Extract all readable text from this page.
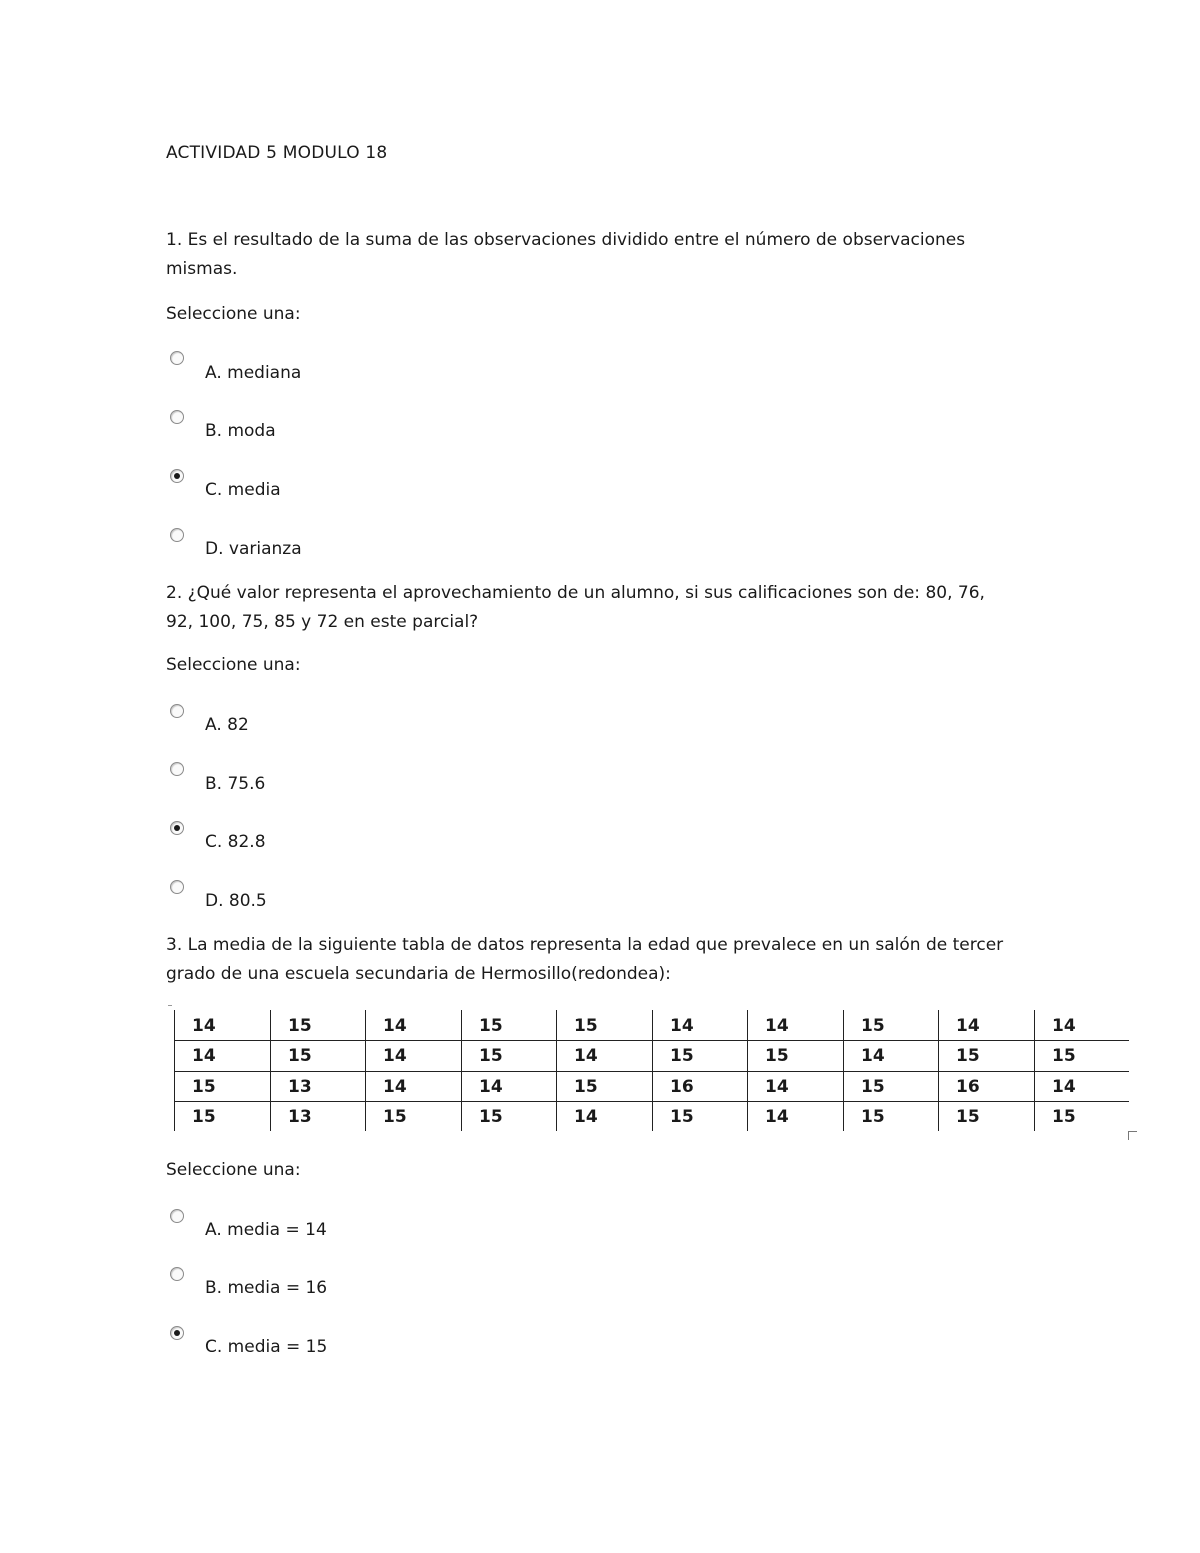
ACTIVIDAD 5 MODULO 18
1. Es el resultado de la suma de las observaciones dividido entre el número de observaciones
mismas.
Seleccione una:
A. mediana
B. moda
C. media
D. varianza
2. ¿Qué valor representa el aprovechamiento de un alumno, si sus calificaciones son de: 80, 76,
92, 100, 75, 85 y 72 en este parcial?
Seleccione una:
A. 82
B. 75.6
C. 82.8
D. 80.5
3. La media de la siguiente tabla de datos representa la edad que prevalece en un salón de tercer
grado de una escuela secundaria de Hermosillo(redondea):
14	15	14	15	15	14	14	15	14	14
14	15	14	15	14	15	15	14	15	15
15	13	14	14	15	16	14	15	16	14
15	13	15	15	14	15	14	15	15	15
Seleccione una:
A. media = 14
B. media = 16
C. media = 15
